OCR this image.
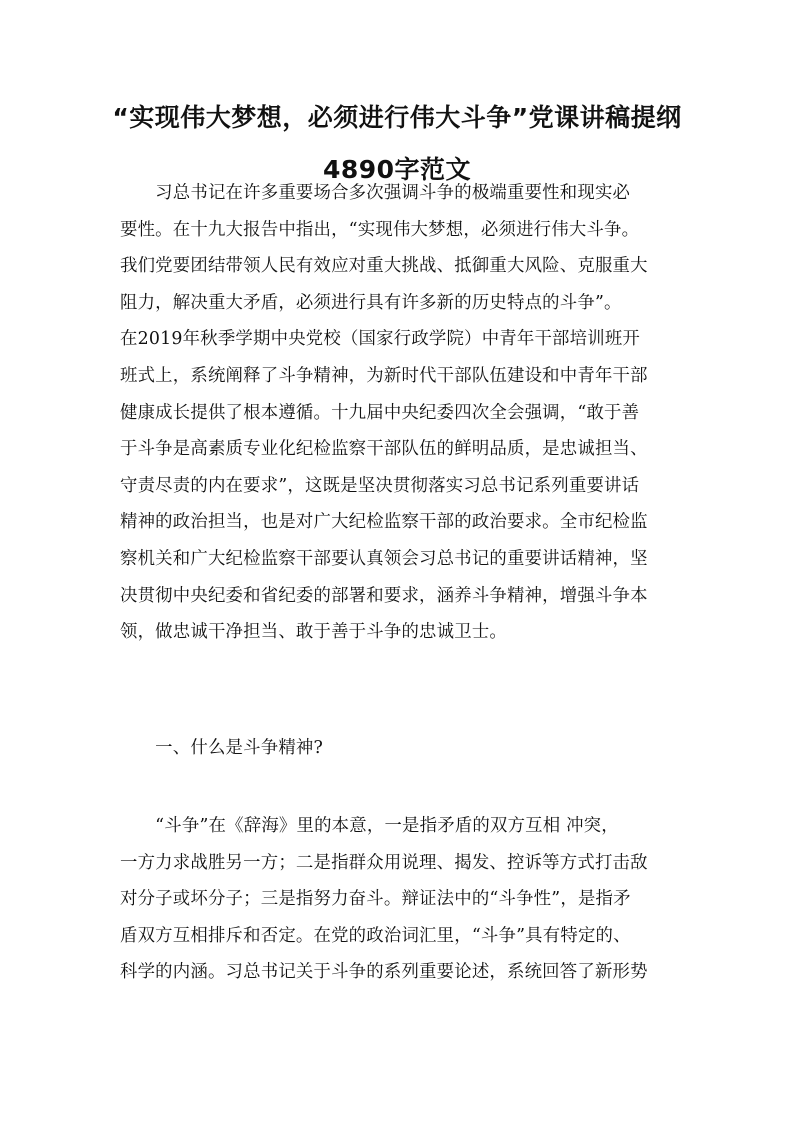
“实现伟大梦想，必须进行伟大斗争”党课讲稿提纲
4890字范文
　　习总书记在许多重要场合多次强调斗争的极端重要性和现实必
要性。在十九大报告中指出，“实现伟大梦想，必须进行伟大斗争。
我们党要团结带领人民有效应对重大挑战、抵御重大风险、克服重大
阻力，解决重大矛盾，必须进行具有许多新的历史特点的斗争”。
在2019年秋季学期中央党校（国家行政学院）中青年干部培训班开
班式上，系统阐释了斗争精神，为新时代干部队伍建设和中青年干部
健康成长提供了根本遵循。十九届中央纪委四次全会强调，“敢于善
于斗争是高素质专业化纪检监察干部队伍的鲜明品质，是忠诚担当、
守责尽责的内在要求”，这既是坚决贯彻落实习总书记系列重要讲话
精神的政治担当，也是对广大纪检监察干部的政治要求。全市纪检监
察机关和广大纪检监察干部要认真领会习总书记的重要讲话精神，坚
决贯彻中央纪委和省纪委的部署和要求，涵养斗争精神，增强斗争本
领，做忠诚干净担当、敢于善于斗争的忠诚卫士。
　　一、什么是斗争精神?
　　“斗争”在《辞海》里的本意，一是指矛盾的双方互相 冲突，
一方力求战胜另一方；二是指群众用说理、揭发、控诉等方式打击敌
对分子或坏分子；三是指努力奋斗。辩证法中的“斗争性”，是指矛
盾双方互相排斥和否定。在党的政治词汇里，“斗争”具有特定的、
科学的内涵。习总书记关于斗争的系列重要论述，系统回答了新形势
